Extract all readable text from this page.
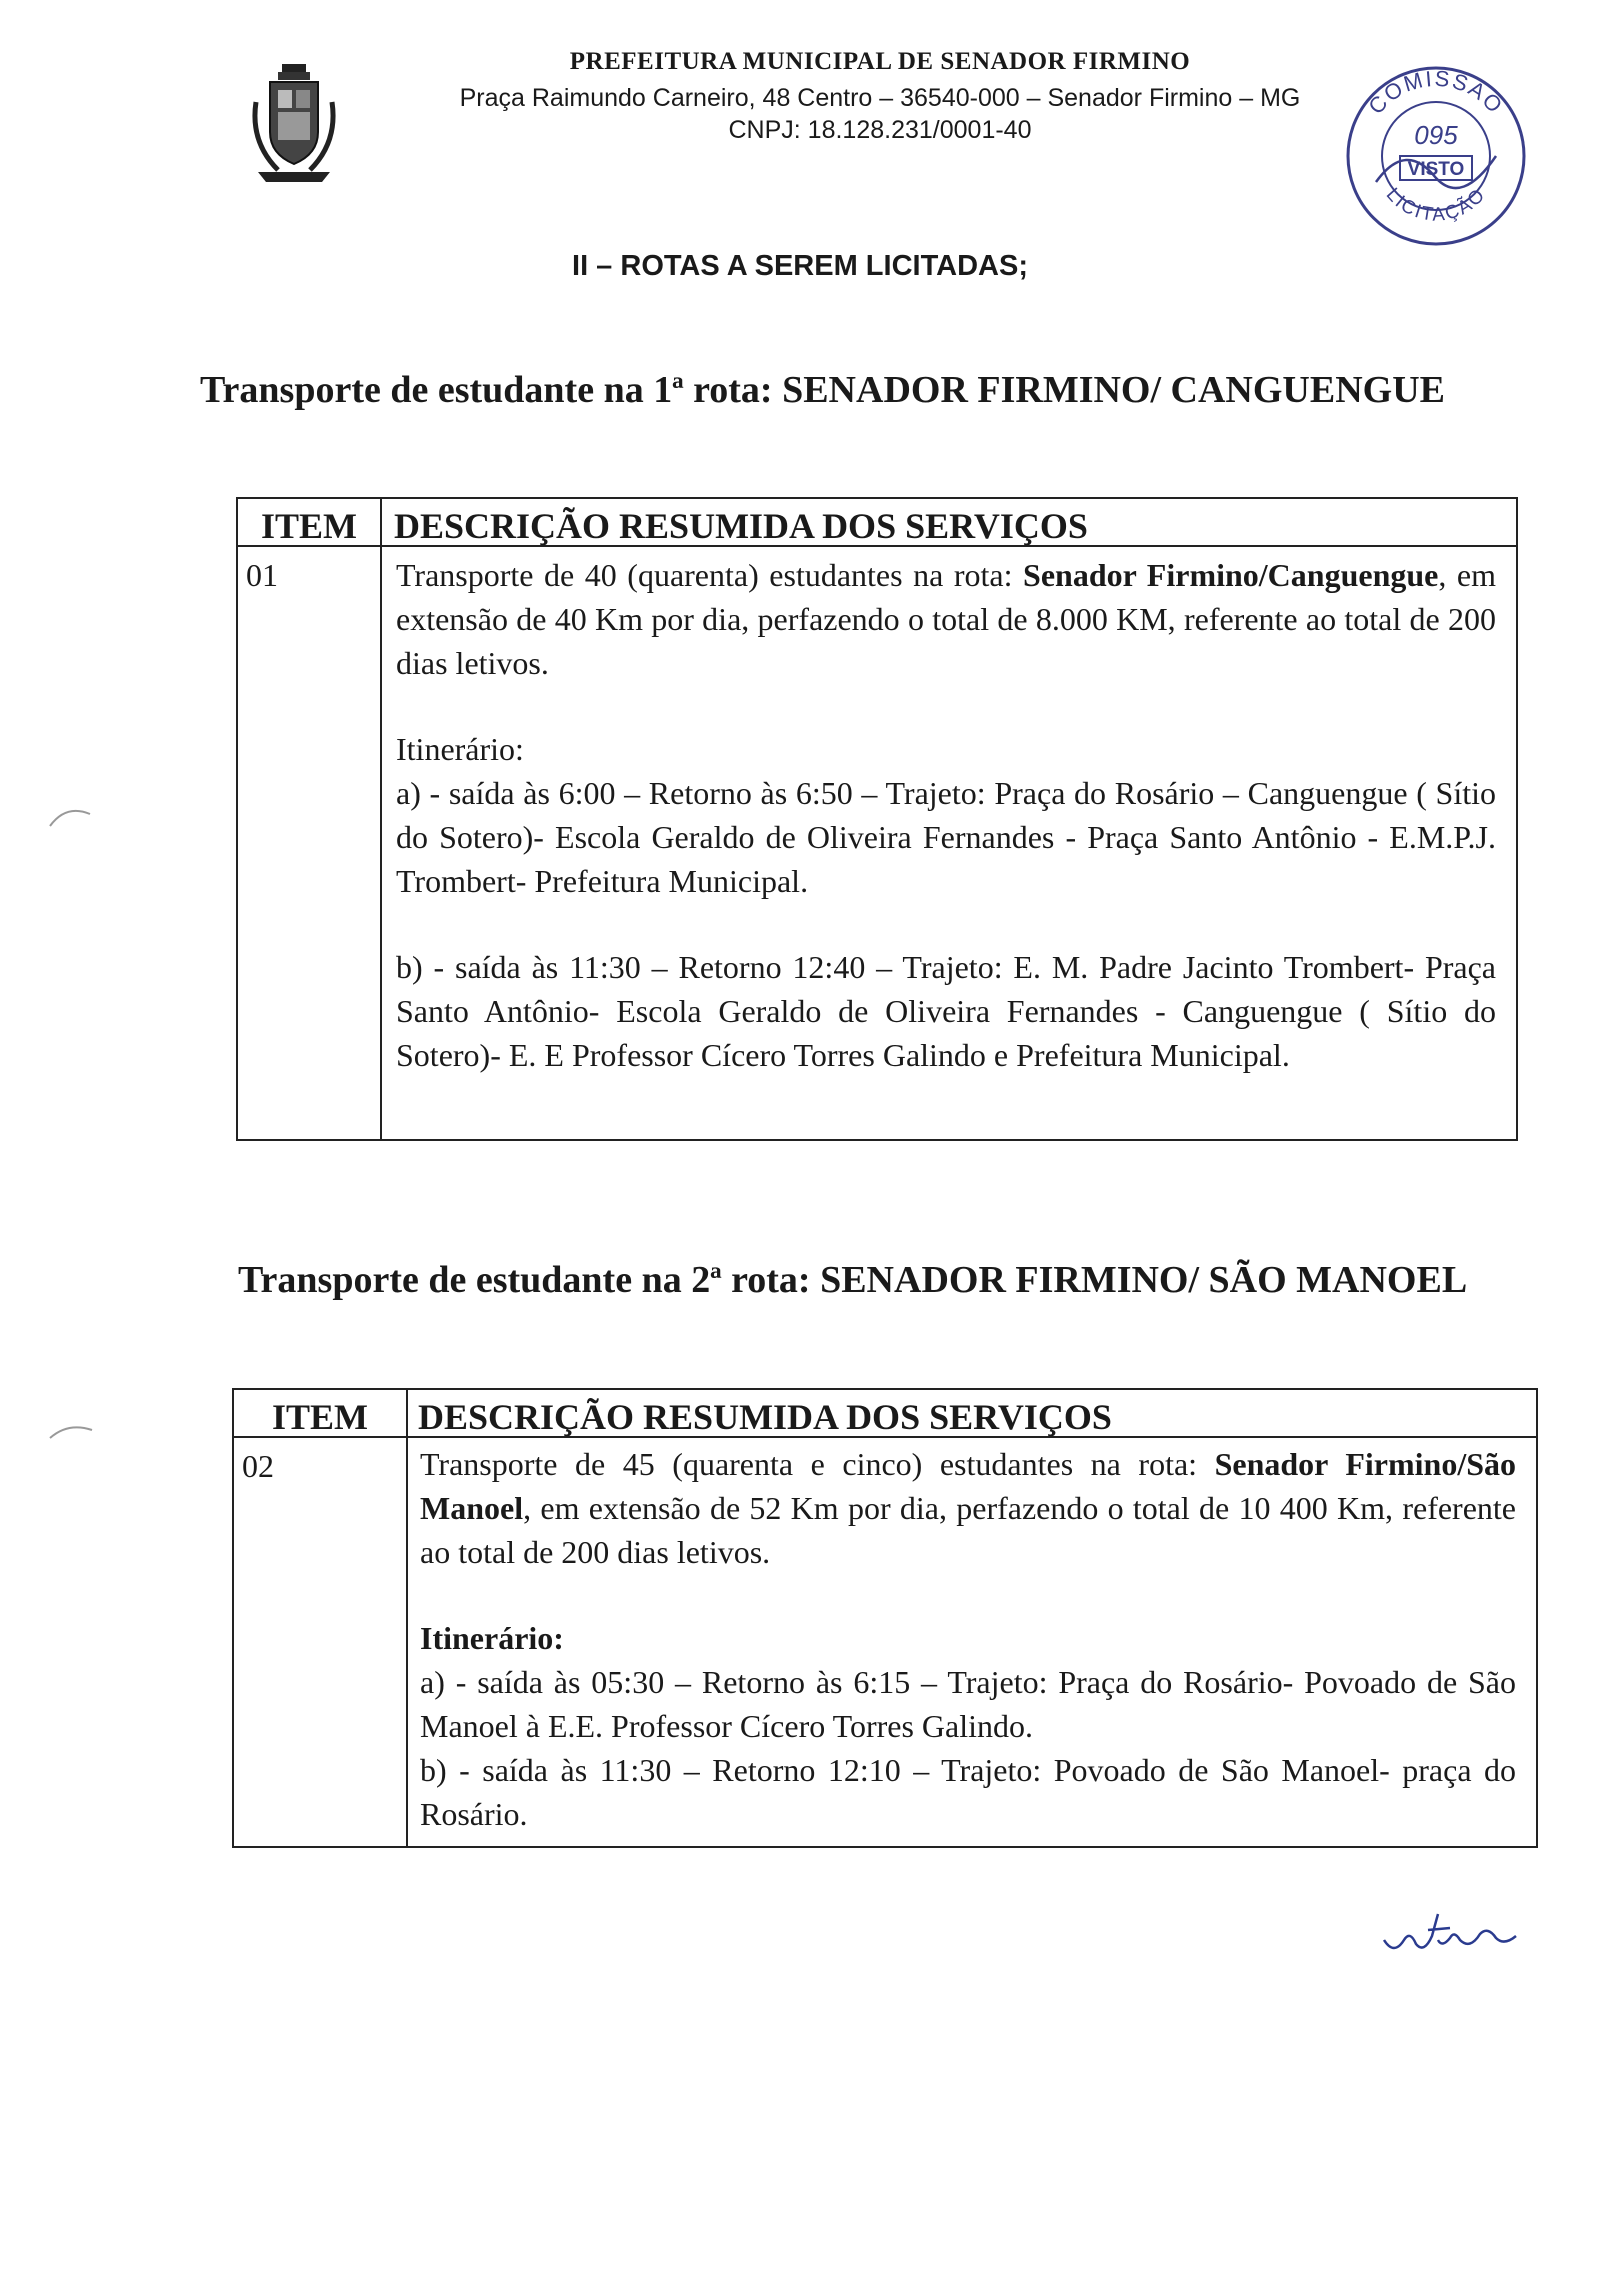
PREFEITURA MUNICIPAL DE SENADOR FIRMINO
Praça Raimundo Carneiro, 48 Centro – 36540-000 – Senador Firmino – MG
CNPJ: 18.128.231/0001-40
COMISSÃO
095
VISTO
LICITAÇÃO
II – ROTAS A SEREM LICITADAS;
Transporte de estudante na 1ª rota: SENADOR FIRMINO/ CANGUENGUE
ITEM	DESCRIÇÃO RESUMIDA DOS SERVIÇOS
01	Transporte de 40 (quarenta) estudantes na rota: Senador Firmino/Canguengue, em extensão de 40 Km por dia, perfazendo o total de 8.000 KM, referente ao total de 200 dias letivos.

Itinerário:

a) - saída às 6:00 – Retorno às 6:50 – Trajeto: Praça do Rosário – Canguengue ( Sítio do Sotero)- Escola Geraldo de Oliveira Fernandes - Praça Santo Antônio - E.M.P.J. Trombert- Prefeitura Municipal.

b) - saída às 11:30 – Retorno 12:40 – Trajeto: E. M. Padre Jacinto Trombert- Praça Santo Antônio- Escola Geraldo de Oliveira Fernandes - Canguengue ( Sítio do Sotero)- E. E Professor Cícero Torres Galindo e Prefeitura Municipal.

Transporte de estudante na 2ª rota: SENADOR FIRMINO/ SÃO MANOEL
ITEM	DESCRIÇÃO RESUMIDA DOS SERVIÇOS
02	Transporte de 45 (quarenta e cinco) estudantes na rota: Senador Firmino/São Manoel, em extensão de 52 Km por dia, perfazendo o total de 10 400 Km, referente ao total de 200 dias letivos.

Itinerário:

a) - saída às 05:30 – Retorno às 6:15 – Trajeto: Praça do Rosário- Povoado de São Manoel à E.E. Professor Cícero Torres Galindo.

b) - saída às 11:30 – Retorno 12:10 – Trajeto: Povoado de São Manoel- praça do Rosário.
